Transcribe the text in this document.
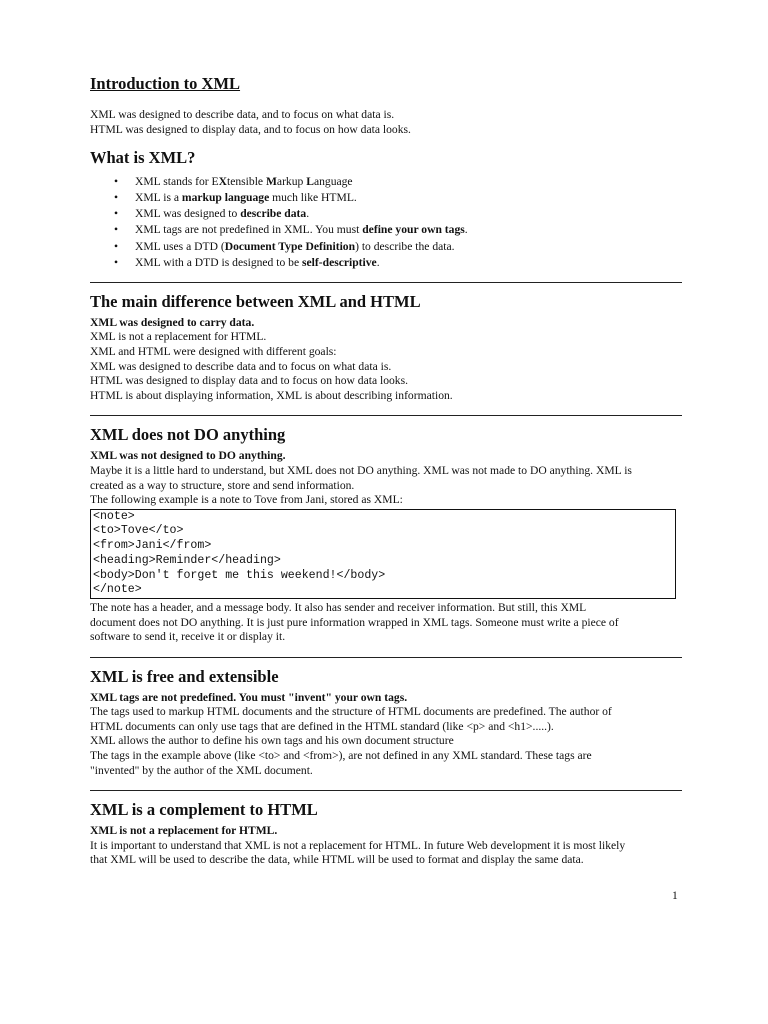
Introduction to XML

XML was designed to describe data, and to focus on what data is.

HTML was designed to display data, and to focus on how data looks.

What is XML?
• XML stands for EXtensible Markup Language
• XML is a markup language much like HTML.
• XML was designed to describe data.
• XML tags are not predefined in XML. You must define your own tags.
• XML uses a DTD (Document Type Definition) to describe the data.
• XML with a DTD is designed to be self-descriptive.
The main difference between XML and HTML

XML was designed to carry data.

XML is not a replacement for HTML.

XML and HTML were designed with different goals:

XML was designed to describe data and to focus on what data is.

HTML was designed to display data and to focus on how data looks.

HTML is about displaying information, XML is about describing information.

XML does not DO anything

XML was not designed to DO anything.

Maybe it is a little hard to understand, but XML does not DO anything. XML was not made to DO anything. XML is

created as a way to structure, store and send information.

The following example is a note to Tove from Jani, stored as XML:

<note>
<to>Tove</to>
<from>Jani</from>
<heading>Reminder</heading>
<body>Don't forget me this weekend!</body>
</note>

The note has a header, and a message body. It also has sender and receiver information. But still, this XML

document does not DO anything. It is just pure information wrapped in XML tags. Someone must write a piece of

software to send it, receive it or display it.

XML is free and extensible

XML tags are not predefined. You must "invent" your own tags.

The tags used to markup HTML documents and the structure of HTML documents are predefined. The author of

HTML documents can only use tags that are defined in the HTML standard (like <p> and <h1>.....).

XML allows the author to define his own tags and his own document structure

The tags in the example above (like <to> and <from>), are not defined in any XML standard. These tags are

"invented" by the author of the XML document.

XML is a complement to HTML

XML is not a replacement for HTML.

It is important to understand that XML is not a replacement for HTML. In future Web development it is most likely

that XML will be used to describe the data, while HTML will be used to format and display the same data.

1
